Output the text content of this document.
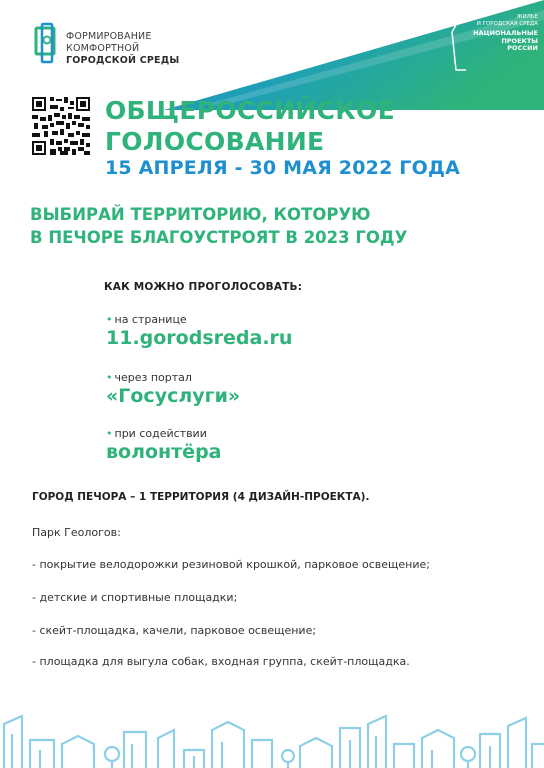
ФОРМИРОВАНИЕ
КОМФОРТНОЙ
ГОРОДСКОЙ СРЕДЫ
ЖИЛЬЕ
И ГОРОДСКАЯ СРЕДА
НАЦИОНАЛЬНЫЕ
ПРОЕКТЫ
РОССИИ
ОБЩЕРОССИЙСКОЕ
ГОЛОСОВАНИЕ
15 АПРЕЛЯ - 30 МАЯ 2022 ГОДА
ВЫБИРАЙ ТЕРРИТОРИЮ, КОТОРУЮ
В ПЕЧОРЕ БЛАГОУСТРОЯТ В 2023 ГОДУ
КАК МОЖНО ПРОГОЛОСОВАТЬ:
• на странице
11.gorodsreda.ru
• через портал
«Госуслуги»
• при содействии
волонтёра
ГОРОД ПЕЧОРА – 1 ТЕРРИТОРИЯ (4 ДИЗАЙН-ПРОЕКТА).
Парк Геологов:
- покрытие велодорожки резиновой крошкой, парковое освещение;
- детские и спортивные площадки;
- скейт-площадка, качели, парковое освещение;
- площадка для выгула собак, входная группа, скейт-площадка.
